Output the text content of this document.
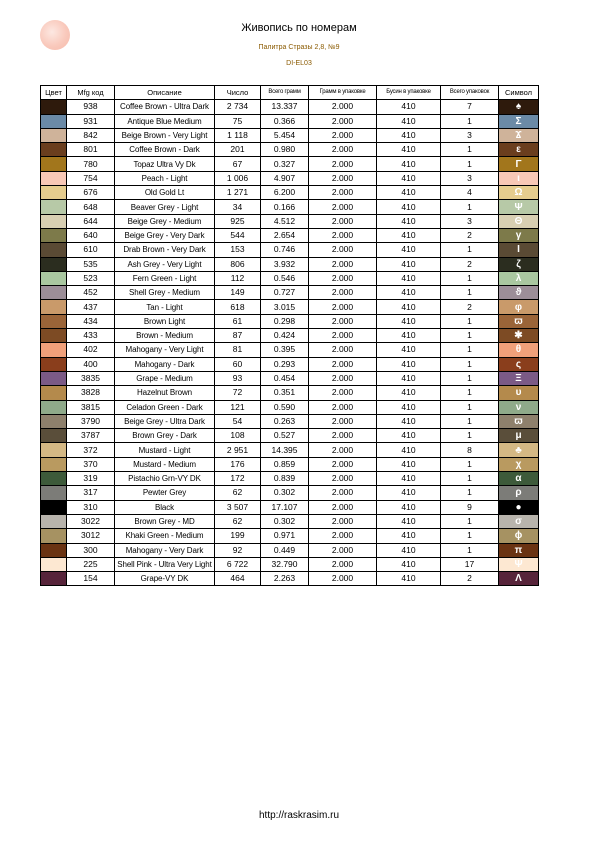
Живопись по номерам
Палитра Стразы 2,8, №9
DI-EL03
Цвет	Mfg код	Описание	Число	Всего грамм	Грамм в упаковке	Бусин в упаковке	Всего упаковок	Символ
	938	Coffee Brown - Ultra Dark	2 734	13.337	2.000	410	7	♠
	931	Antique Blue Medium	75	0.366	2.000	410	1	Σ
	842	Beige Brown - Very Light	1 118	5.454	2.000	410	3	Ϫ
	801	Coffee Brown - Dark	201	0.980	2.000	410	1	ε
	780	Topaz Ultra Vy Dk	67	0.327	2.000	410	1	Γ
	754	Peach - Light	1 006	4.907	2.000	410	3	ι
	676	Old Gold Lt	1 271	6.200	2.000	410	4	Ω
	648	Beaver Grey - Light	34	0.166	2.000	410	1	Ψ
	644	Beige Grey - Medium	925	4.512	2.000	410	3	Θ
	640	Beige Grey - Very Dark	544	2.654	2.000	410	2	γ
	610	Drab Brown - Very Dark	153	0.746	2.000	410	1	Ι
	535	Ash Grey - Very Light	806	3.932	2.000	410	2	ζ
	523	Fern Green - Light	112	0.546	2.000	410	1	λ
	452	Shell Grey - Medium	149	0.727	2.000	410	1	ϑ
	437	Tan - Light	618	3.015	2.000	410	2	φ
	434	Brown Light	61	0.298	2.000	410	1	ϖ
	433	Brown - Medium	87	0.424	2.000	410	1	✱
	402	Mahogany - Very Light	81	0.395	2.000	410	1	θ
	400	Mahogany - Dark	60	0.293	2.000	410	1	ς
	3835	Grape - Medium	93	0.454	2.000	410	1	Ξ
	3828	Hazelnut Brown	72	0.351	2.000	410	1	υ
	3815	Celadon Green - Dark	121	0.590	2.000	410	1	ν
	3790	Beige Grey - Ultra Dark	54	0.263	2.000	410	1	ϖ
	3787	Brown Grey - Dark	108	0.527	2.000	410	1	μ
	372	Mustard - Light	2 951	14.395	2.000	410	8	♣
	370	Mustard - Medium	176	0.859	2.000	410	1	χ
	319	Pistachio Grn-VY DK	172	0.839	2.000	410	1	α
	317	Pewter Grey	62	0.302	2.000	410	1	ρ
	310	Black	3 507	17.107	2.000	410	9	●
	3022	Brown Grey - MD	62	0.302	2.000	410	1	σ
	3012	Khaki Green - Medium	199	0.971	2.000	410	1	ϕ
	300	Mahogany - Very Dark	92	0.449	2.000	410	1	π
	225	Shell Pink - Ultra Very Light	6 722	32.790	2.000	410	17	Ψ
	154	Grape-VY DK	464	2.263	2.000	410	2	Λ
http://raskrasim.ru
